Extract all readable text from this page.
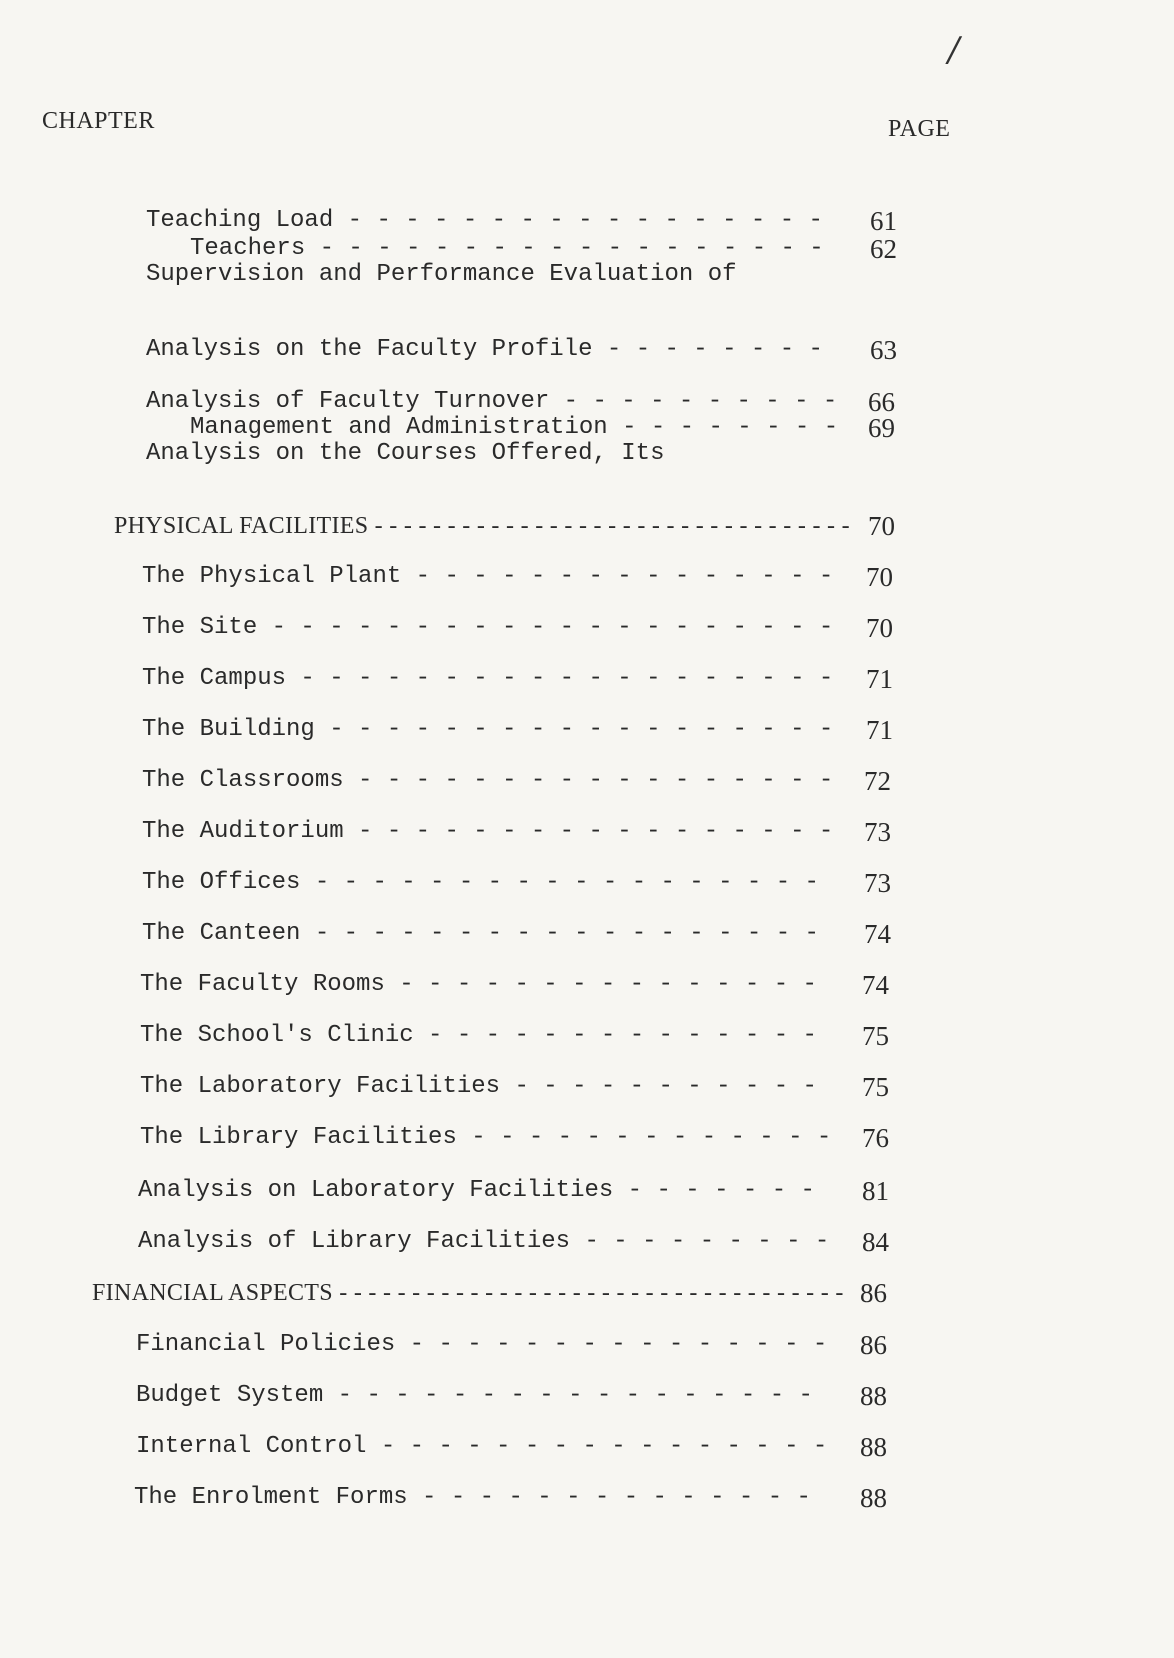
/
CHAPTER	PAGE

Teaching Load - - - - - - - - - - - - - - - - -

61

Supervision and Performance Evaluation of

Teachers - - - - - - - - - - - - - - - - - -

62

Analysis on the Faculty Profile - - - - - - - -

63

Analysis of Faculty Turnover - - - - - - - - - -

66

Analysis on the Courses Offered, Its

Management and Administration - - - - - - - -

69

PHYSICAL FACILITIES - - - - - - - - - - - - - - - - - - - - - - - - - - - - - - - - -

70

The Physical Plant - - - - - - - - - - - - - - -

70

The Site - - - - - - - - - - - - - - - - - - - -

70

The Campus - - - - - - - - - - - - - - - - - - -

71

The Building - - - - - - - - - - - - - - - - - -

71

The Classrooms - - - - - - - - - - - - - - - - -

72

The Auditorium - - - - - - - - - - - - - - - - -

73

The Offices - - - - - - - - - - - - - - - - - -

73

The Canteen - - - - - - - - - - - - - - - - - -

74

The Faculty Rooms - - - - - - - - - - - - - - -

74

The School's Clinic - - - - - - - - - - - - - -

75

The Laboratory Facilities - - - - - - - - - - -

75

The Library Facilities - - - - - - - - - - - - -

76

Analysis on Laboratory Facilities - - - - - - -

81

Analysis of Library Facilities - - - - - - - - -

84

FINANCIAL ASPECTS - - - - - - - - - - - - - - - - - - - - - - - - - - - - - - - - - - -

86

Financial Policies - - - - - - - - - - - - - - -

86

Budget System - - - - - - - - - - - - - - - - -

88

Internal Control - - - - - - - - - - - - - - - -

88

The Enrolment Forms - - - - - - - - - - - - - -

88
